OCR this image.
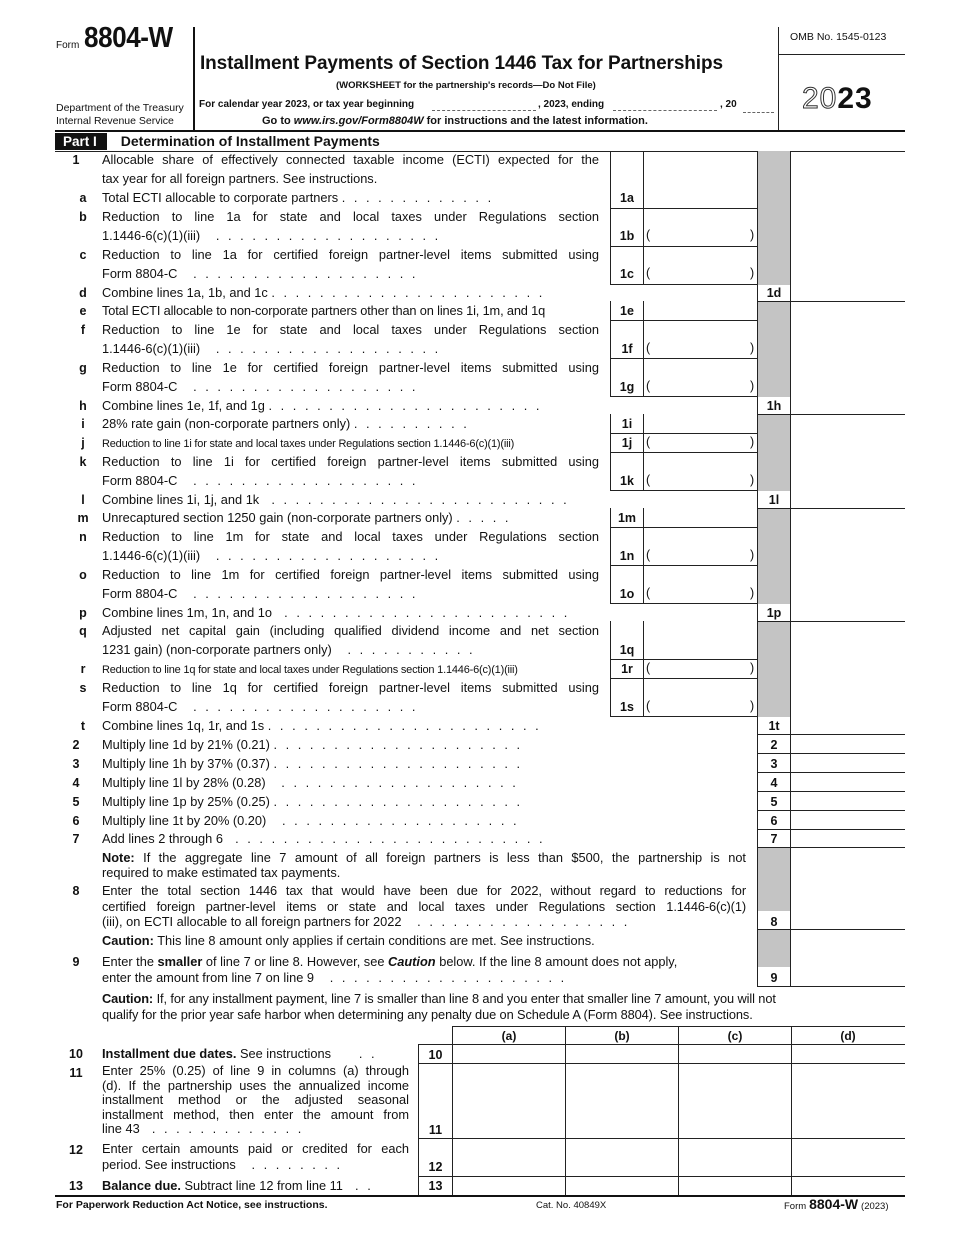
Form 8804-W
Department of the Treasury
Internal Revenue Service
Installment Payments of Section 1446 Tax for Partnerships
(WORKSHEET for the partnership's records—Do Not File)
For calendar year 2023, or tax year beginning	, 2023, ending	, 20
Go to www.irs.gov/Form8804W for instructions and the latest information.
OMB No. 1545-0123
2023
Part I	Determination of Installment Payments
1	Allocable share of effectively connected taxable income (ECTI) expected for the
tax year for all foreign partners. See instructions.
a Total ECTI allocable to corporate partners .............	1a
b Reduction to line 1a for state and local taxes under Regulations section
1.1446-6(c)(1)(iii)  ...................	1b (	)
c Reduction to line 1a for certified foreign partner-level items submitted using
Form 8804-C  ...................	1c (	)
d Combine lines 1a, 1b, and 1c .......................	1d
e Total ECTI allocable to non-corporate partners other than on lines 1i, 1m, and 1q	1e
f	Reduction to line 1e for state and local taxes under Regulations section
1.1446-6(c)(1)(iii)  ...................	1f	(	)
g Reduction to line 1e for certified foreign partner-level items submitted using
Form 8804-C  ...................	1g (	)
h Combine lines 1e, 1f, and 1g .......................	1h
i	28% rate gain (non-corporate partners only) ..........	1i
j	Reduction to line 1i for state and local taxes under Regulations section 1.1446-6(c)(1)(iii)	1j	(	)
k Reduction to line 1i for certified foreign partner-level items submitted using
Form 8804-C  ...................	1k (	)
l	Combine lines 1i, 1j, and 1k .........................	1l
m Unrecaptured section 1250 gain (non-corporate partners only) .....	1m
n Reduction to line 1m for state and local taxes under Regulations section
1.1446-6(c)(1)(iii)  ...................	1n (	)
o Reduction to line 1m for certified foreign partner-level items submitted using
Form 8804-C  ...................	1o (	)
p Combine lines 1m, 1n, and 1o ........................	1p
q Adjusted net capital gain (including qualified dividend income and net section
1231 gain) (non-corporate partners only)  ...........	1q
r	Reduction to line 1q for state and local taxes under Regulations section 1.1446-6(c)(1)(iii)	1r	(	)
s Reduction to line 1q for certified foreign partner-level items submitted using
Form 8804-C  ...................	1s (	)
t	Combine lines 1q, 1r, and 1s .......................	1t
2	Multiply line 1d by 21% (0.21) .....................	2
3	Multiply line 1h by 37% (0.37) .....................	3
4	Multiply line 1l by 28% (0.28)  ....................	4
5	Multiply line 1p by 25% (0.25) .....................	5
6	Multiply line 1t by 20% (0.20)  ....................	6
7	Add lines 2 through 6 ..........................	7
Note: If the aggregate line 7 amount of all foreign partners is less than $500, the partnership is not
required to make estimated tax payments.
8	Enter the total section 1446 tax that would have been due for 2022, without regard to reductions for
certified foreign partner-level items or state and local taxes under Regulations section 1.1446-6(c)(1)
(iii), on ECTI allocable to all foreign partners for 2022  ..................	8
Caution: This line 8 amount only applies if certain conditions are met. See instructions.
9	Enter the smaller of line 7 or line 8. However, see Caution below. If the line 8 amount does not apply,
enter the amount from line 7 on line 9  ....................	9
Caution: If, for any installment payment, line 7 is smaller than line 8 and you enter that smaller line 7 amount, you will not
qualify for the prior year safe harbor when determining any penalty due on Schedule A (Form 8804). See instructions.
(a)	(b)	(c)	(d)
10	Installment due dates. See instructions   ..	10
11	Enter 25% (0.25) of line 9 in columns (a) through
(d). If the partnership uses the annualized income
installment method or the adjusted seasonal
installment method, then enter the amount from
line 43 .............	11
12	Enter certain amounts paid or credited for each
period. See instructions  ........	12
13	Balance due. Subtract line 12 from line 11 ..	13
For Paperwork Reduction Act Notice, see instructions.	Cat. No. 40849X	Form 8804-W (2023)
